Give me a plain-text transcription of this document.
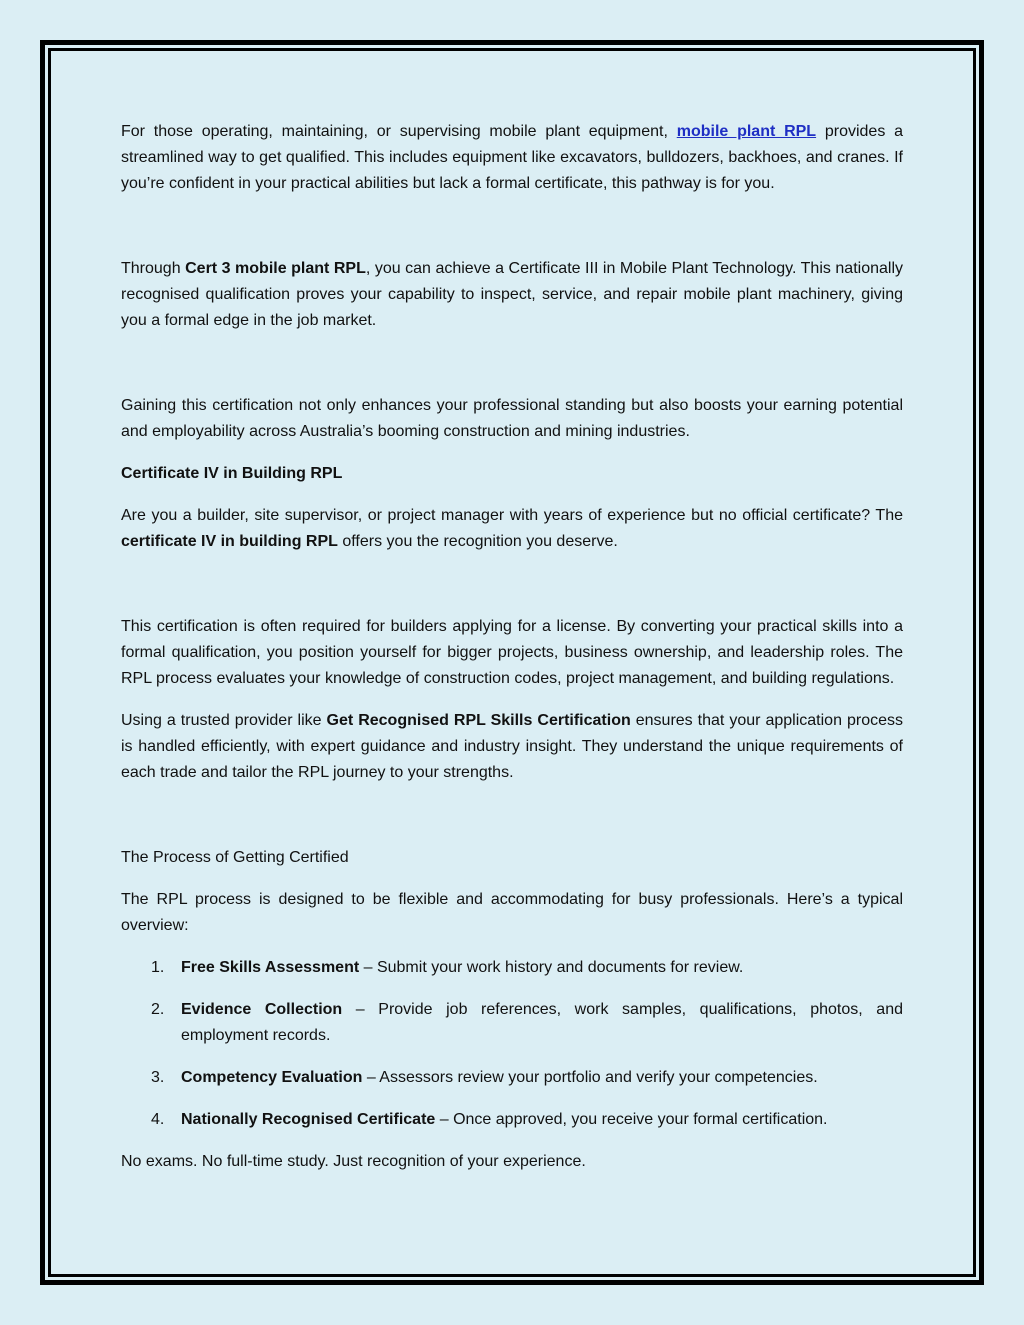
For those operating, maintaining, or supervising mobile plant equipment, mobile plant RPL provides a streamlined way to get qualified. This includes equipment like excavators, bulldozers, backhoes, and cranes. If you’re confident in your practical abilities but lack a formal certificate, this pathway is for you.

Through Cert 3 mobile plant RPL, you can achieve a Certificate III in Mobile Plant Technology. This nationally recognised qualification proves your capability to inspect, service, and repair mobile plant machinery, giving you a formal edge in the job market.

Gaining this certification not only enhances your professional standing but also boosts your earning potential and employability across Australia’s booming construction and mining industries.

Certificate IV in Building RPL

Are you a builder, site supervisor, or project manager with years of experience but no official certificate? The certificate IV in building RPL offers you the recognition you deserve.

This certification is often required for builders applying for a license. By converting your practical skills into a formal qualification, you position yourself for bigger projects, business ownership, and leadership roles. The RPL process evaluates your knowledge of construction codes, project management, and building regulations.

Using a trusted provider like Get Recognised RPL Skills Certification ensures that your application process is handled efficiently, with expert guidance and industry insight. They understand the unique requirements of each trade and tailor the RPL journey to your strengths.

The Process of Getting Certified

The RPL process is designed to be flexible and accommodating for busy professionals. Here’s a typical overview:

1. Free Skills Assessment – Submit your work history and documents for review.
2. Evidence Collection – Provide job references, work samples, qualifications, photos, and employment records.
3. Competency Evaluation – Assessors review your portfolio and verify your competencies.
4. Nationally Recognised Certificate – Once approved, you receive your formal certification.

No exams. No full-time study. Just recognition of your experience.
